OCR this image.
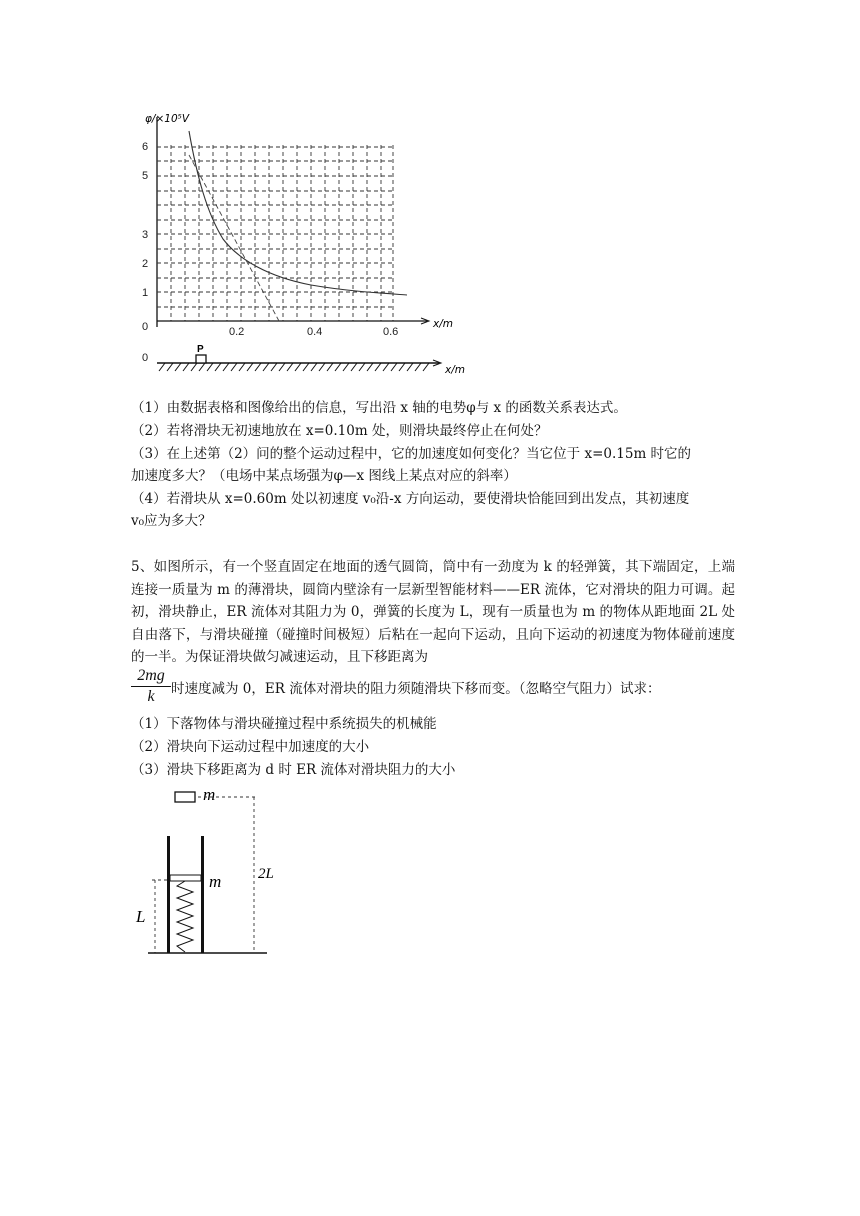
φ/×10⁵V
x/m
6
5
3
2
1
0	0.2	0.4	0.6
x/m
0
P
（1）由数据表格和图像给出的信息，写出沿 x 轴的电势φ与 x 的函数关系表达式。
（2）若将滑块无初速地放在 x=0.10m 处，则滑块最终停止在何处？
（3）在上述第（2）问的整个运动过程中，它的加速度如何变化？当它位于 x=0.15m 时它的
加速度多大？（电场中某点场强为φ—x 图线上某点对应的斜率）
（4）若滑块从 x=0.60m 处以初速度 v₀沿-x 方向运动，要使滑块恰能回到出发点，其初速度
v₀应为多大？
5、如图所示，有一个竖直固定在地面的透气圆筒，筒中有一劲度为 k 的轻弹簧，其下端固定，上端连接一质量为 m 的薄滑块，圆筒内壁涂有一层新型智能材料——ER 流体，它对滑块的阻力可调。起初，滑块静止，ER 流体对其阻力为 0，弹簧的长度为 L，现有一质量也为 m 的物体从距地面 2L 处自由落下，与滑块碰撞（碰撞时间极短）后粘在一起向下运动，且向下运动的初速度为物体碰前速度的一半。为保证滑块做匀减速运动，且下移距离为
$\frac{2mg}{k}$ 时速度减为 0，ER 流体对滑块的阻力须随滑块下移而变。（忽略空气阻力）试求：
（1）下落物体与滑块碰撞过程中系统损失的机械能
（2）滑块向下运动过程中加速度的大小
（3）滑块下移距离为 d 时 ER 流体对滑块阻力的大小
m
2L
m
L
